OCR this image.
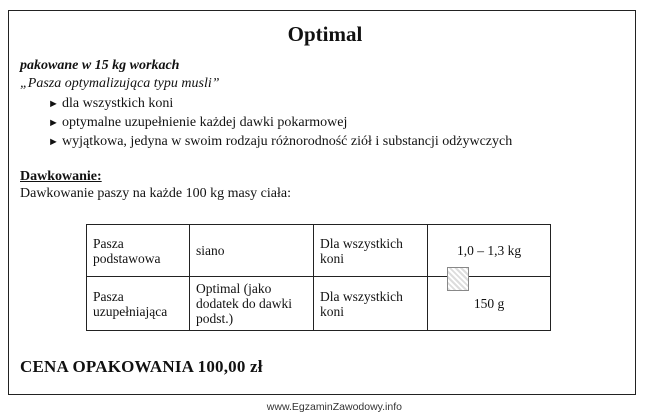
Optimal
pakowane w 15 kg workach
„Pasza optymalizująca typu musli”
► dla wszystkich koni
► optymalne uzupełnienie każdej dawki pokarmowej
► wyjątkowa, jedyna w swoim rodzaju różnorodność ziół i substancji odżywczych
Dawkowanie:
Dawkowanie paszy na każde 100 kg masy ciała:
Pasza podstawowa	siano	Dla wszystkich koni	1,0 – 1,3 kg
Pasza uzupełniająca	Optimal (jako dodatek do dawki podst.)	Dla wszystkich koni	150 g
CENA OPAKOWANIA 100,00 zł
www.EgzaminZawodowy.info
